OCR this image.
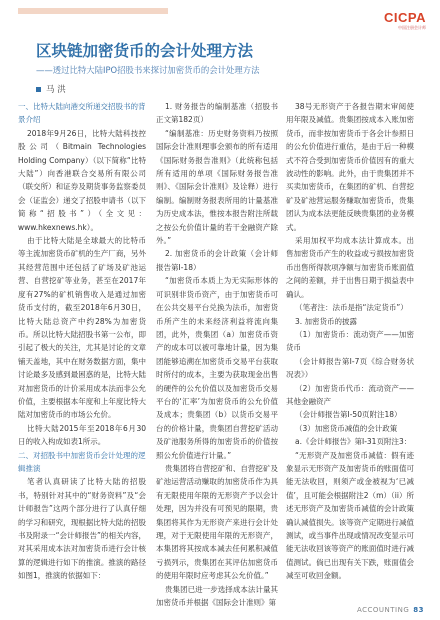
CICPA
中国注册会计师
区块链加密货币的会计处理方法
——透过比特大陆IPO招股书来探讨加密货币的会计处理方法
马 洪
一、比特大陆向港交所递交招股书的背景介绍

2018年9月26日，比特大陆科技控股公司（Bitmain Technologies Holding Company）（以下简称“比特大陆”）向香港联合交易所有限公司（联交所）和证券及期货事务监察委员会（证监会）递交了招股申请书（以下简称“招股书”）（全文见：www.hkexnews.hk）。

由于比特大陆是全球最大的比特币等主流加密货币矿机的生产厂商，另外其经营范围中还包括了矿场及矿池运营、自营挖矿等业务，甚至在2017年度有27%的矿机销售收入是通过加密货币支付的，截至2018年6月30日，比特大陆总资产中约28%为加密货币。所以比特大陆招股书第一公布，即引起了极大的关注，尤其是讨论的文章铺天盖地，其中在财务数据方面，集中讨论最多及感到最困惑的是，比特大陆对加密货币的计价采用成本法而非公允价值，主要根据本年度和上年度比特大陆对加密货币的市场公允价。

比特大陆2015年至2018年6月30日的收入构成如表1所示。

二、对招股书中加密货币会计处理的逻辑推演

笔者认真研读了比特大陆的招股书，特别针对其中的“财务资料”及“会计师报告”这两个部分进行了认真仔细的学习和研究，现根据比特大陆的招股书及附录一“会计师报告”的相关内容，对其采用成本法对加密货币进行会计核算的逻辑进行如下的推演。推演的路径如图1，推演的依据如下：

1. 财务报告的编制基准（招股书正文第182页）

“编制基准：历史财务资料乃按照国际会计准则理事会颁布的所有适用《国际财务报告准则》（此统称包括所有适用的单项《国际财务报告准则》、《国际会计准则》及诠释）进行编制。编制财务报表所用的计量基准为历史成本法，惟按本报告附注所载之按公允价值计量的若干金融资产除外。”

2. 加密货币的会计政策（会计师报告第I-18）

“加密货币本质上为无实际形体的可识别非货币资产，由于加密货币可在公共交易平台兑换为法币，加密货币所产生的未来经济利益将流向集团，此外，贵集团（a）加密货币资产的成本可以被可靠地计量，因为集团能够追溯在加密货币交易平台获取时所付的成本，主要为获取现金出售的硬件的公允价值以及加密货币交易平台的‘汇率’为加密货币的公允价值及成本；贵集团（b）以货币交易平台的价格计量，贵集团自营挖矿活动及矿池服务所得的加密货币的价值按照公允价值进行计量。”

贵集团将自营挖矿和、自营挖矿及矿池运营活动赚取的加密货币作为具有无限使用年限的无形资产予以会计处理，因为并没有可预见的限期，贵集团将其作为无形资产来进行会计处理，对于无限使用年限的无形资产，本集团将其按成本减去任何累积减值亏损列示，贵集团在其评估加密货币的使用年限时应考虑其公允价值。”

贵集团已进一步选择成本法计量其加密货币并根据《国际会计准则》第

38号无形资产于各报告期末审阅使用年限及减值。贵集团按成本入账加密货币，而非按加密货币于各会计参照日的公允价值进行重估，是由于后一种模式不符合受到加密货币价值因有的重大波动性的影响。此外，由于贵集团并不买卖加密货币，在集团的矿机、自营挖矿及矿池营运服务赚取加密货币，贵集团认为成本法更能反映贵集团的业务模式。

采用加权平均成本法计算成本。出售加密货币产生的收益或亏损按加密货币出售所得款项净额与加密货币账面值之间的差额，并于出售日期于损益表中确认。

（笔者注：法币是指“法定货币”）

3. 加密货币的披露

（1）加密货币：流动资产——加密货币

（会计师报告第I-7页《综合财务状况表》）

（2）加密货币代币：流动资产——其他金融资产

（会计师报告第I-50页附注18）

（3）加密货币减值的会计政策

a.《会计师报告》第I-31页附注3：

“无形资产及加密货币减值：假有迹象显示无形资产及加密货币的账面值可能无法收回，则须产或金被视为‘已减值’，且可能会根据附注2（m）（ii）所述无形资产及加密货币减值的会计政策确认减值损失。该等资产定期进行减值测试，或当事件出现或情况改变显示可能无法收回该等资产的账面值时进行减值测试。倘已出现有关下跌，账面值会减至可收回金额。

ACCOUNTING 83
